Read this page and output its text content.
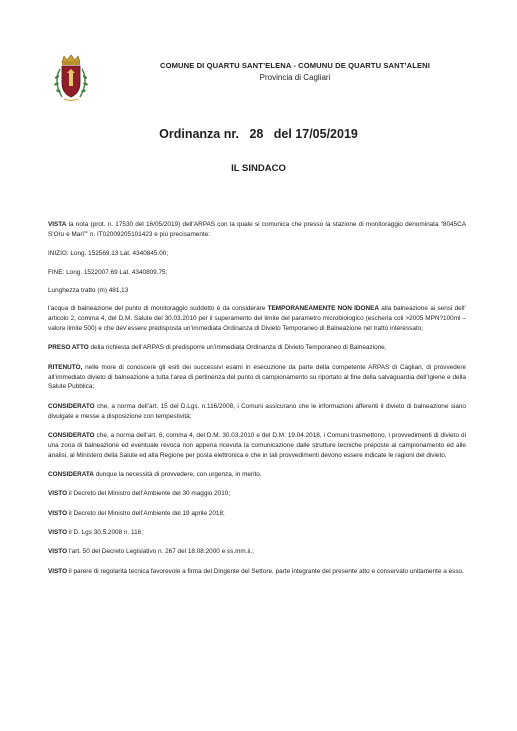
COMUNE DI QUARTU SANT’ELENA - COMUNU DE QUARTU SANT’ALENI
Provincia di Cagliari
Ordinanza nr. 28 del 17/05/2019
IL SINDACO

VISTA la nota (prot. n. 17530 del 16/05/2019) dell’ARPAS con la quale si comunica che presso la stazione di monitoraggio denominata “8045CA S’Oru e Mari”” n. IT020092051014​23 e più precisamente:

INIZIO: Long. 152569.13 Lat. 4340845.00;

FINE: Long. 1522007.69 Lat. 4340809.75;

Lunghezza tratto (m) 481,13

l’acqua di balneazione del punto di monitoraggio suddetto è da considerare TEMPORANEAMENTE NON IDONEA alla balneazione ai sensi dell’ articolo 2, comma 4, del D.M. Salute del 30.03.2010 per il superamento del limite del parametro microbiologico (escheria coli >2005 MPN?100ml – valore limite 500) e che dev’essere predisposta un’immediata Ordinanza di Divieto Temporaneo di Balneazione nel tratto interessato;

PRESO ATTO della richiesta dell’ARPAS di predisporre un’immediata Ordinanza di Divieto Temporaneo di Balneazione,

RITENUTO, nelle more di conoscere gli esiti dei successivi esami in esecuzione da parte della competente ARPAS di Cagliari, di provvedere all’immediato divieto di balneazione a tutta l’area di pertinenza del punto di campionamento su riportato al fine della salvaguardia dell’Igiene e della Salute Pubblica;

CONSIDERATO che, a norma dell’art. 15 del D.Lgs. n.116/2008, i Comuni assicurano che le informazioni afferenti il divieto di balneazione siano divulgate e messe a disposizione con tempestività;

CONSIDERATO che, a norma dell’art. 6, comma 4, del D.M. 30.03.2010 e del D.M. 19.04.2018, i Comuni trasmettono, i provvedimenti di divieto di una zona di balneazione ed eventuale revoca non appena ricevuta la comunicazione dalle strutture tecniche preposte al campionamento ed alle analisi, al Ministero della Salute ed alla Regione per posta elettronica e che in tali provvedimenti devono essere indicate le ragioni del divieto.

CONSIDERATA dunque la necessità di provvedere, con urgenza, in merito.

VISTO il Decreto del Ministro dell’Ambiente del 30 maggio 2010;

VISTO il Decreto del Ministro dell’Ambiente del 19 aprile 2018;

VISTO il D. Lgs 30.5.2008 n. 116;

VISTO l’art. 50 del Decreto Legislativo n. 267 del 18.08.2000 e ss.mm.ii.;

VISTO il parere di regolarità tecnica favorevole a firma del Dingente del Settore, parte integrante del presente atto e conservato unitamente a esso.
